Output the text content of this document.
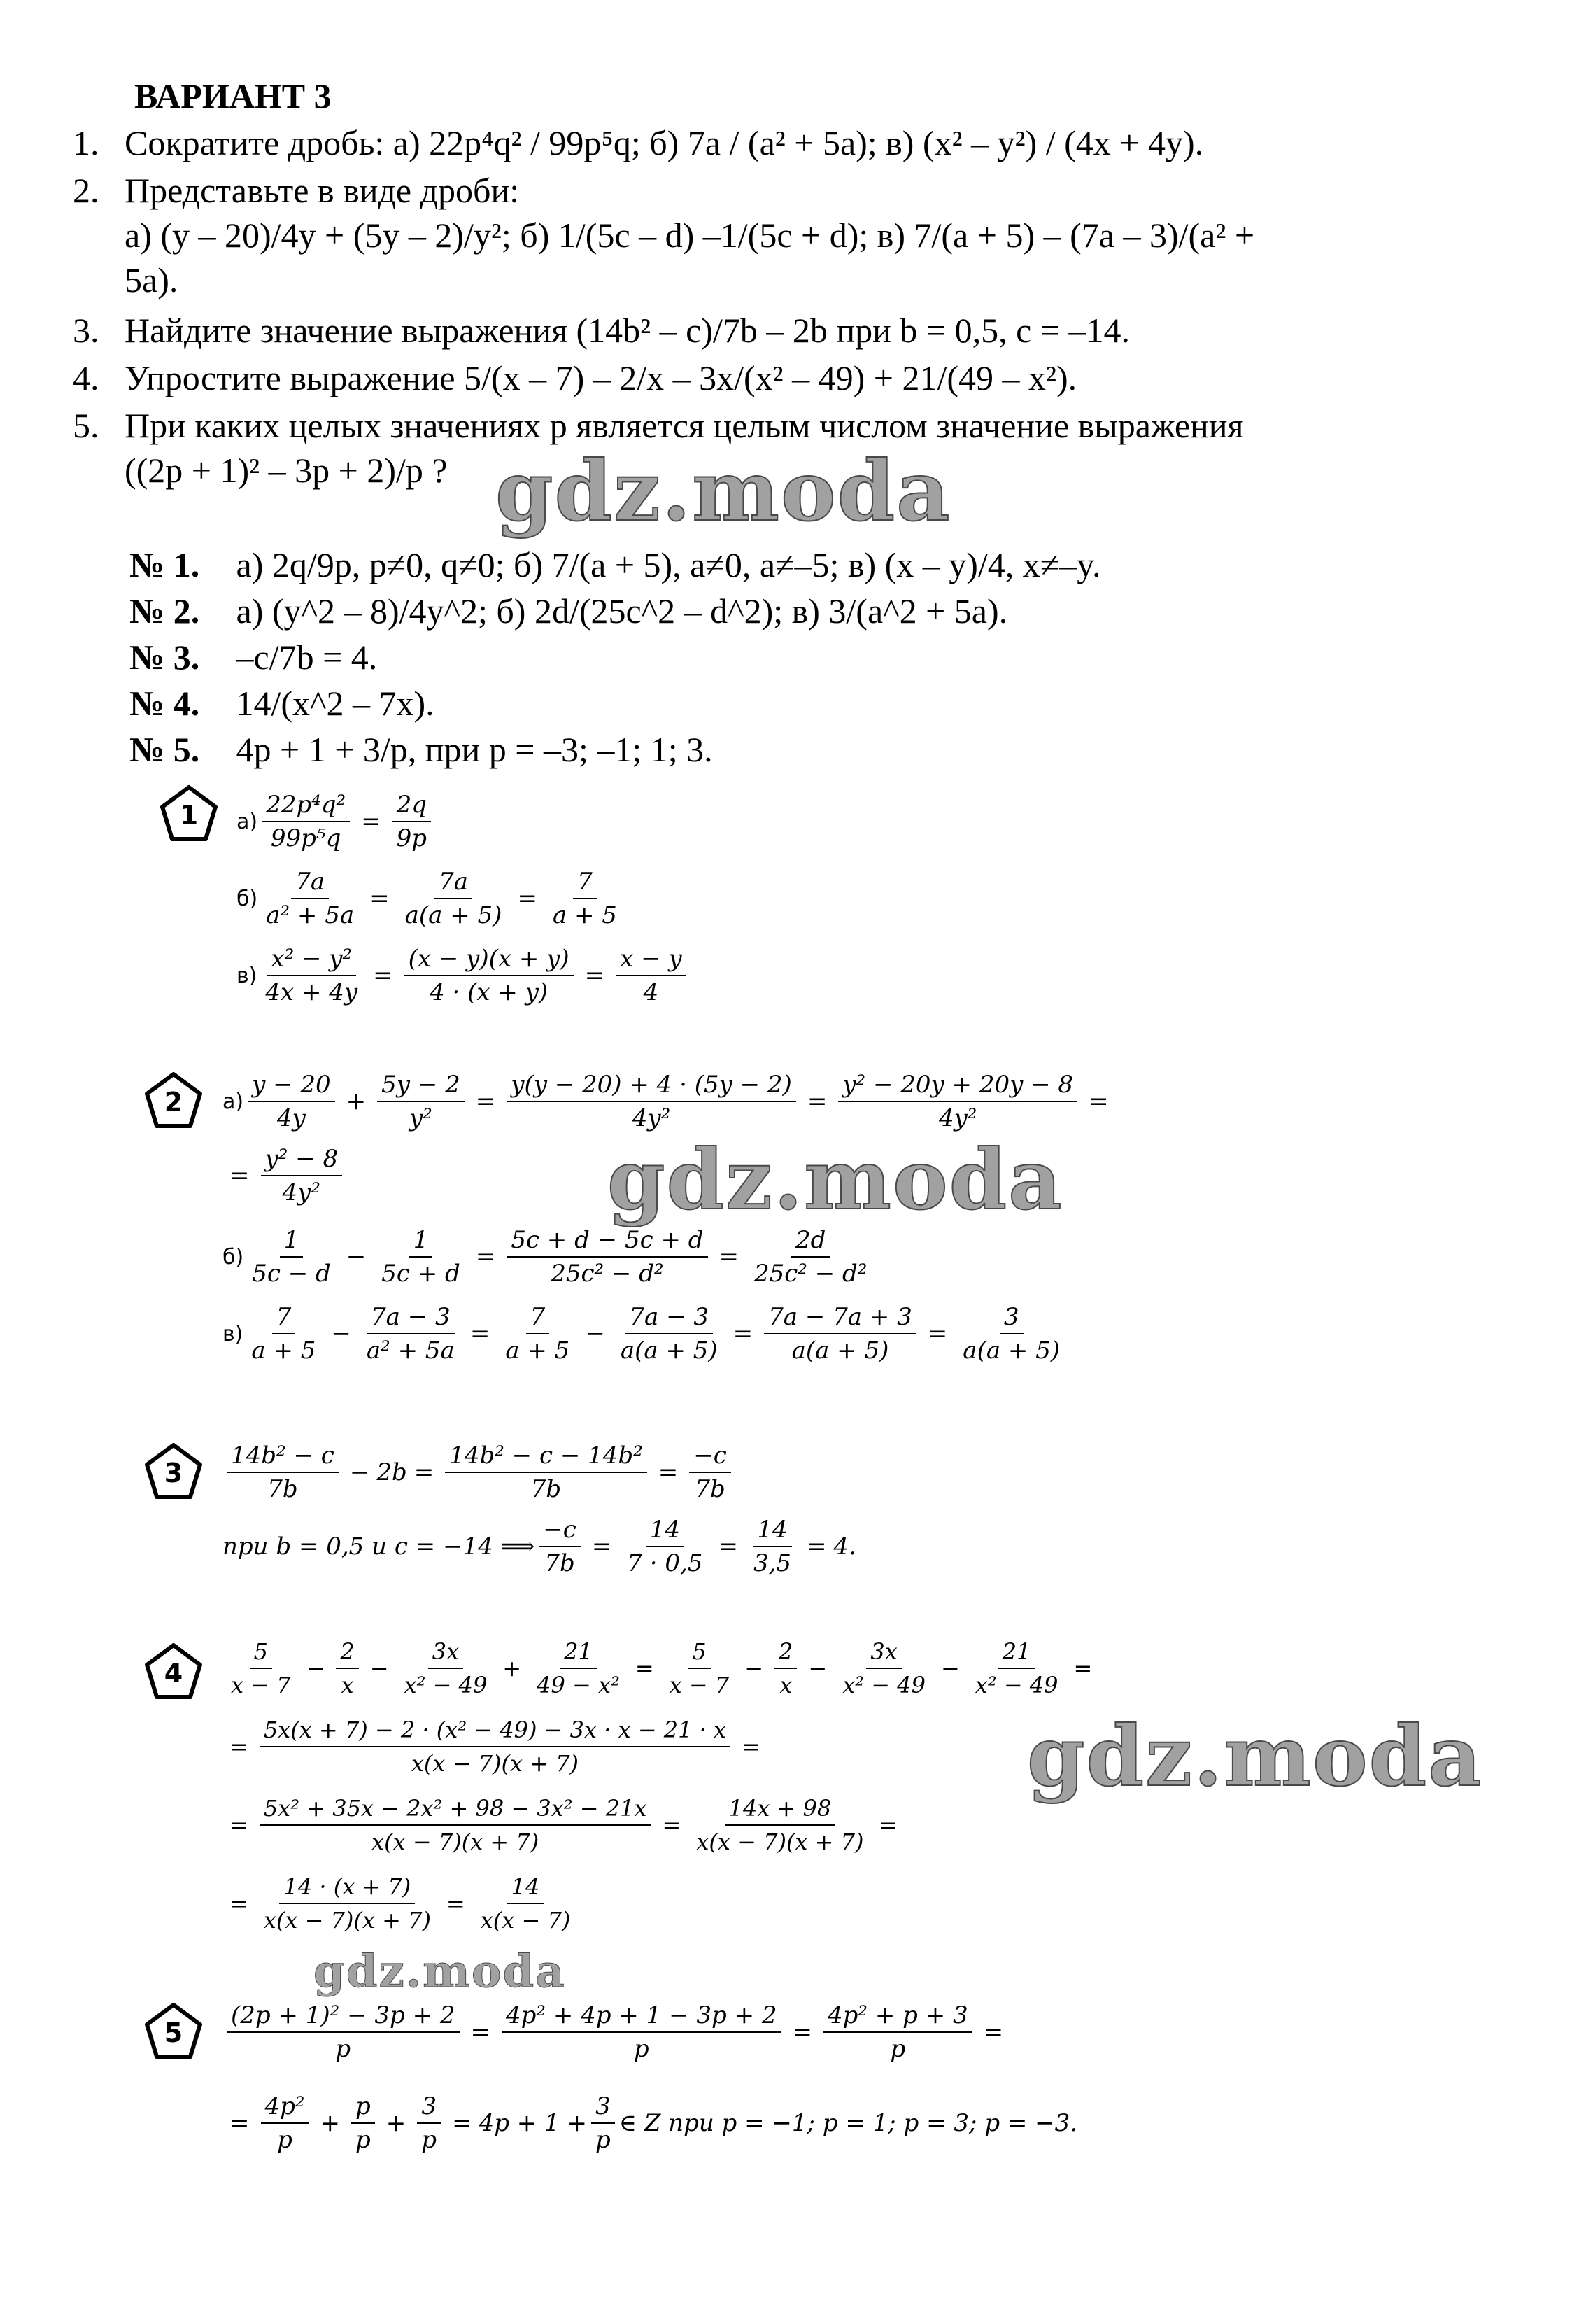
ВАРИАНТ 3
1. Сократите дробь: а) 22p⁴q² / 99p⁵q; б) 7a / (a² + 5a); в) (x² – y²) / (4x + 4y).
2. Представьте в виде дроби:
а) (y – 20)/4y + (5y – 2)/y²; б) 1/(5c – d) –1/(5c + d); в) 7/(a + 5) – (7a – 3)/(a² +
5a).
3. Найдите значение выражения (14b² – c)/7b – 2b при b = 0,5, c = –14.
4. Упростите выражение 5/(x – 7) – 2/x – 3x/(x² – 49) + 21/(49 – x²).
5. При каких целых значениях p является целым числом значение выражения
((2p + 1)² – 3p + 2)/p ? gdz.moda
№ 1. а) 2q/9p, p≠0, q≠0; б) 7/(a + 5), a≠0, a≠–5; в) (x – y)/4, x≠–y.
№ 2. а) (y^2 – 8)/4y^2; б) 2d/(25c^2 – d^2); в) 3/(a^2 + 5a).
№ 3. –c/7b = 4.
№ 4. 14/(x^2 – 7x).
№ 5. 4p + 1 + 3/p, при p = –3; –1; 1; 3.
1 $а) \frac{\text{22p⁴q²}}{\text{99p⁵q}} = \frac{2q}{9p}$
$б) \frac{7a}{\text{a² + 5a}} = \frac{7a}{a(a + 5)} = \frac{7}{a + 5}$
$в) \frac{\text{x² − y²}}{4x + 4y} = \frac{(x - y)(x + y)}{4 \cdot (x + y)} = \frac{x - y}{4}$
2 $а) \frac{y - 20}{4y} + \frac{5y - 2}{\text{y²}} = \frac{y(y - 20) + 4 \cdot (5y - 2)}{\text{4y²}} = \frac{\text{y² − 20y + 20y − 8}}{\text{4y²}}$ =
= $\frac{\text{y² − 8}}{\text{4y²}}$	gdz.moda
$б) \frac{1}{5c - d} - \frac{1}{5c + d} = \frac{5c + d - 5c + d}{\text{25c² − d²}} = \frac{2d}{\text{25c² − d²}}$
$в) \frac{7}{a + 5} - \frac{7a - 3}{\text{a² + 5a}} = \frac{7}{a + 5} - \frac{7a - 3}{a(a + 5)} = \frac{7a - 7a + 3}{a(a + 5)} = \frac{3}{a(a + 5)}$
$3 \frac{\text{14b² − c}}{7b} - 2b = \frac{\text{14b² − c − 14b²}}{7b} = \frac{-c}{7b}$
при b = 0,5 и c = −14 ⟹ $\frac{-c}{7b} = \frac{14}{7 \cdot 0,5} = \frac{14}{3,5} = 4$.
$4 \frac{5}{x - 7} - \frac{2}{x} - \frac{3x}{\text{x² − 49}} + \frac{21}{\text{49 − x²}} = \frac{5}{x - 7} - \frac{2}{x} - \frac{3x}{\text{x² − 49}} - \frac{21}{\text{x² − 49}}$ =
= $\frac{\text{5x(x + 7) − 2 · (x² − 49) − 3x · x − 21 · x}}{x(x - 7)(x + 7)}$ =	gdz.moda
= $\frac{\text{5x² + 35x − 2x² + 98 − 3x² − 21x}}{x(x - 7)(x + 7)} = \frac{14x + 98}{x(x - 7)(x + 7)}$ =
= $\frac{14 \cdot (x + 7)}{x(x - 7)(x + 7)} = \frac{14}{x(x - 7)}$
gdz.moda
$5 \frac{\text{(2p + 1)² − 3p + 2}}{p} = \frac{\text{4p² + 4p + 1 − 3p + 2}}{p} = \frac{\text{4p² + p + 3}}{p}$ =
= $\frac{\text{4p²}}{p} + \frac{p}{p} + \frac{3}{p} = 4p + 1 + \frac{3}{p}$ ∈ Z при p = −1; p = 1; p = 3; p = −3.
